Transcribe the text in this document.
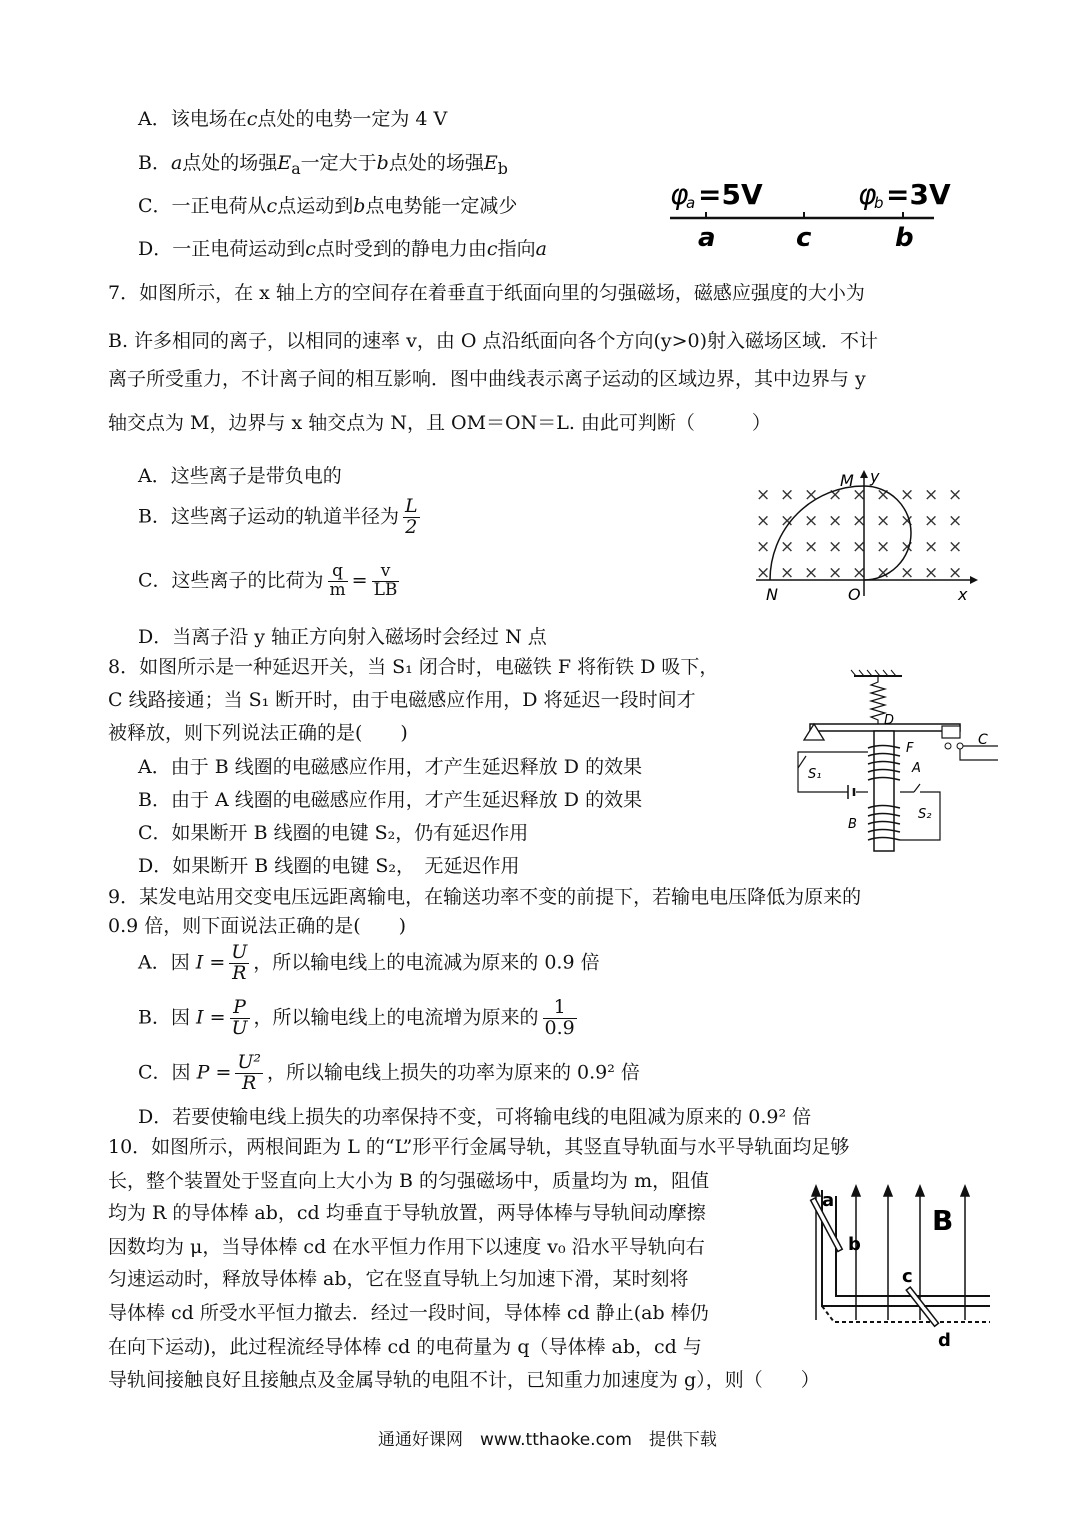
A．该电场在c点处的电势一定为 4 V
B．a点处的场强$E_a$一定大于b点处的场强$E_b$
C．一正电荷从c点运动到b点电势能一定减少
D．一正电荷运动到c点时受到的静电力由c指向a
φ
a =5V	φ
b =3V
a	c	b
7．如图所示，在 x 轴上方的空间存在着垂直于纸面向里的匀强磁场，磁感应强度的大小为
B. 许多相同的离子，以相同的速率 v，由 O 点沿纸面向各个方向(y>0)射入磁场区域．不计
离子所受重力，不计离子间的相互影响．图中曲线表示离子运动的区域边界，其中边界与 y
轴交点为 M，边界与 x 轴交点为 N，且 OM＝ON＝L. 由此可判断（　　　）
A．这些离子是带负电的
B．这些离子运动的轨道半径为 $\frac{L}{2}$
C．这些离子的比荷为 $\frac{q}{m} = \frac{v}{LB}$
D．当离子沿 y 轴正方向射入磁场时会经过 N 点
× × × × × × × × ×
× × × × × × × × ×
× × × × × × × × ×
× × × × × × × × ×
M y
N	O	x
8．如图所示是一种延迟开关，当 S₁ 闭合时，电磁铁 F 将衔铁 D 吸下，
C 线路接通；当 S₁ 断开时，由于电磁感应作用，D 将延迟一段时间才
被释放，则下列说法正确的是(　　)
A．由于 B 线圈的电磁感应作用，才产生延迟释放 D 的效果
B．由于 A 线圈的电磁感应作用，才产生延迟释放 D 的效果
C．如果断开 B 线圈的电键 S₂，仍有延迟作用
D．如果断开 B 线圈的电键 S₂，　无延迟作用
D
C
F
A
B
S₁
S₂
9．某发电站用交变电压远距离输电，在输送功率不变的前提下，若输电电压降低为原来的
0.9 倍，则下面说法正确的是(　　)
A．因 $I = \frac{U}{R}$ ，所以输电线上的电流减为原来的 0.9 倍
B．因 $I = \frac{P}{U}$ ，所以输电线上的电流增为原来的 $\frac{1}{0.9}$
C．因 $P = \frac{\text{U²}}{R}$ ，所以输电线上损失的功率为原来的 0.9² 倍
D．若要使输电线上损失的功率保持不变，可将输电线的电阻减为原来的 0.9² 倍
10．如图所示，两根间距为 L 的“L”形平行金属导轨，其竖直导轨面与水平导轨面均足够
长，整个装置处于竖直向上大小为 B 的匀强磁场中，质量均为 m，阻值
均为 R 的导体棒 ab，cd 均垂直于导轨放置，两导体棒与导轨间动摩擦
因数均为 μ，当导体棒 cd 在水平恒力作用下以速度 v₀ 沿水平导轨向右
匀速运动时，释放导体棒 ab，它在竖直导轨上匀加速下滑，某时刻将
导体棒 cd 所受水平恒力撤去．经过一段时间，导体棒 cd 静止(ab 棒仍
在向下运动)，此过程流经导体棒 cd 的电荷量为 q（导体棒 ab，cd 与
导轨间接触良好且接触点及金属导轨的电阻不计，已知重力加速度为 g），则（　　）
a
b
B
c
d
通通好课网　www.tthaoke.com　提供下载
